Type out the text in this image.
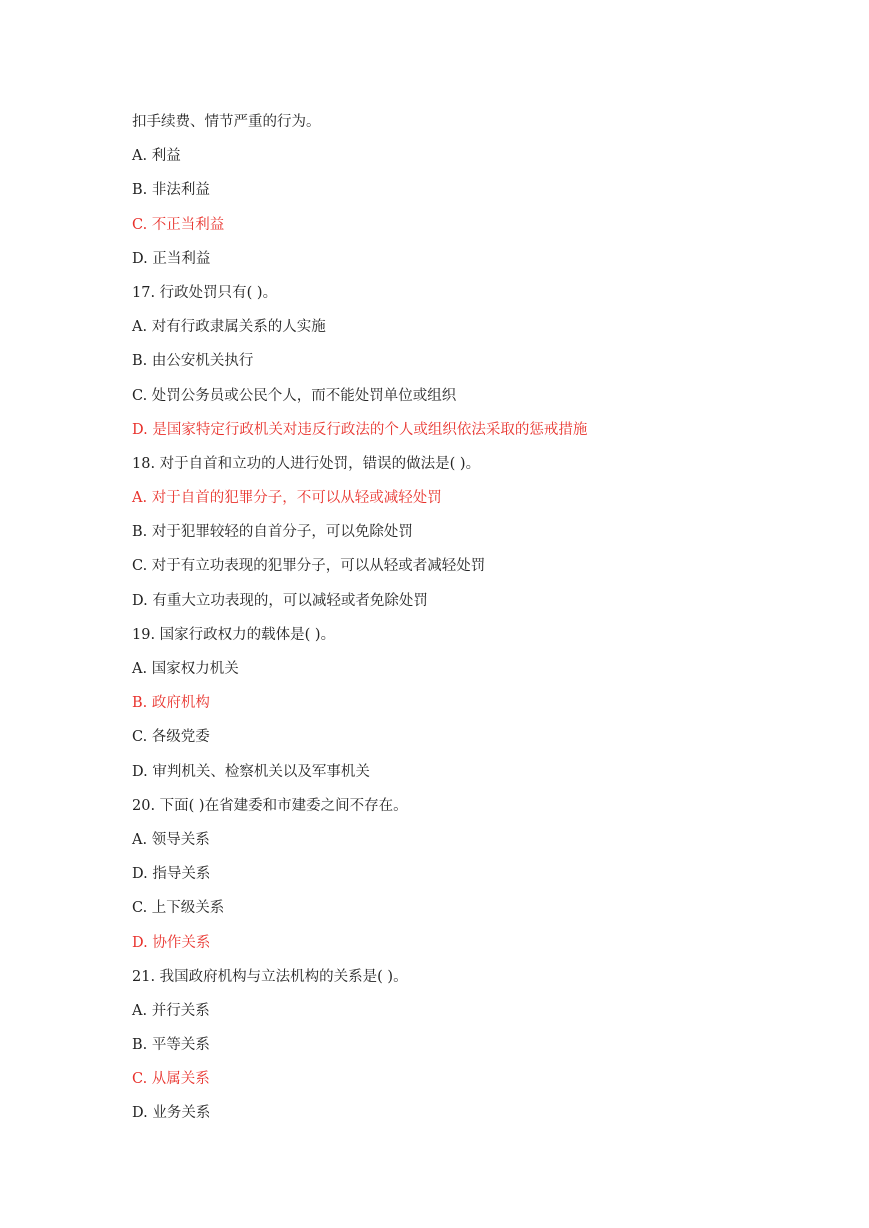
扣手续费、情节严重的行为。
A. 利益
B. 非法利益
C. 不正当利益
D. 正当利益
17. 行政处罚只有( )。
A. 对有行政隶属关系的人实施
B. 由公安机关执行
C. 处罚公务员或公民个人，而不能处罚单位或组织
D. 是国家特定行政机关对违反行政法的个人或组织依法采取的惩戒措施
18. 对于自首和立功的人进行处罚，错误的做法是( )。
A. 对于自首的犯罪分子，不可以从轻或减轻处罚
B. 对于犯罪较轻的自首分子，可以免除处罚
C. 对于有立功表现的犯罪分子，可以从轻或者减轻处罚
D. 有重大立功表现的，可以减轻或者免除处罚
19. 国家行政权力的载体是( )。
A. 国家权力机关
B. 政府机构
C. 各级党委
D. 审判机关、检察机关以及军事机关
20. 下面( )在省建委和市建委之间不存在。
A. 领导关系
D. 指导关系
C. 上下级关系
D. 协作关系
21. 我国政府机构与立法机构的关系是( )。
A. 并行关系
B. 平等关系
C. 从属关系
D. 业务关系
